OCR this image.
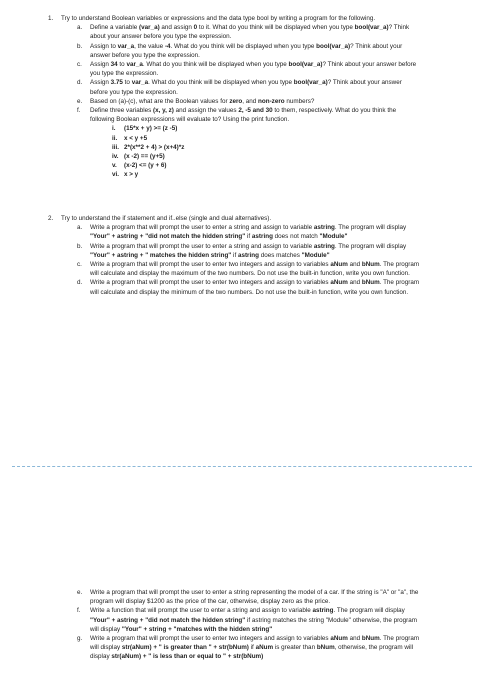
1.	Try to understand Boolean variables or expressions and the data type bool by writing a program for the following.
a.	Define a variable (var_a) and assign 0 to it. What do you think will be displayed when you type bool(var_a)? Think about your answer before you type the expression.
b.	Assign to var_a, the value -4. What do you think will be displayed when you type bool(var_a)? Think about your answer before you type the expression.
c.	Assign 34 to var_a. What do you think will be displayed when you type bool(var_a)? Think about your answer before you type the expression.
d.	Assign 3.75 to var_a. What do you think will be displayed when you type bool(var_a)? Think about your answer before you type the expression.
e.	Based on (a)-(c), what are the Boolean values for zero, and non-zero numbers?
f.	Define three variables (x, y, z) and assign the values 2, -5 and 30 to them, respectively. What do you think the following Boolean expressions will evaluate to? Using the print function.
i.	(15*x + y) >= (z -5)
ii.	x < y +5
iii. 2*(x**2 + 4) > (x+4)*z
iv. (x -2) == (y+5)
v.	(x-2) <= (y + 6)
vi. x > y
2.	Try to understand the if statement and if..else (single and dual alternatives).
a.	Write a program that will prompt the user to enter a string and assign to variable astring. The program will display "Your" + astring + "did not match the hidden string" if astring does not match "Module"
b.	Write a program that will prompt the user to enter a string and assign to variable astring. The program will display "Your" + astring + " matches the hidden string" if astring does matches "Module"
c.	Write a program that will prompt the user to enter two integers and assign to variables aNum and bNum. The program will calculate and display the maximum of the two numbers. Do not use the built-in function, write you own function.
d.	Write a program that will prompt the user to enter two integers and assign to variables aNum and bNum. The program will calculate and display the minimum of the two numbers. Do not use the built-in function, write you own function.
e.	Write a program that will prompt the user to enter a string representing the model of a car. If the string is "A" or "a", the program will display $1200 as the price of the car, otherwise, display zero as the price.
f.	Write a function that will prompt the user to enter a string and assign to variable astring. The program will display "Your" + astring + "did not match the hidden string" if astring matches the string "Module" otherwise, the program will display "Your" + string + "matches with the hidden string"
g.	Write a program that will prompt the user to enter two integers and assign to variables aNum and bNum. The program will display str(aNum) + " is greater than " + str(bNum) if aNum is greater than bNum, otherwise, the program will display str(aNum) + " is less than or equal to " + str(bNum)
